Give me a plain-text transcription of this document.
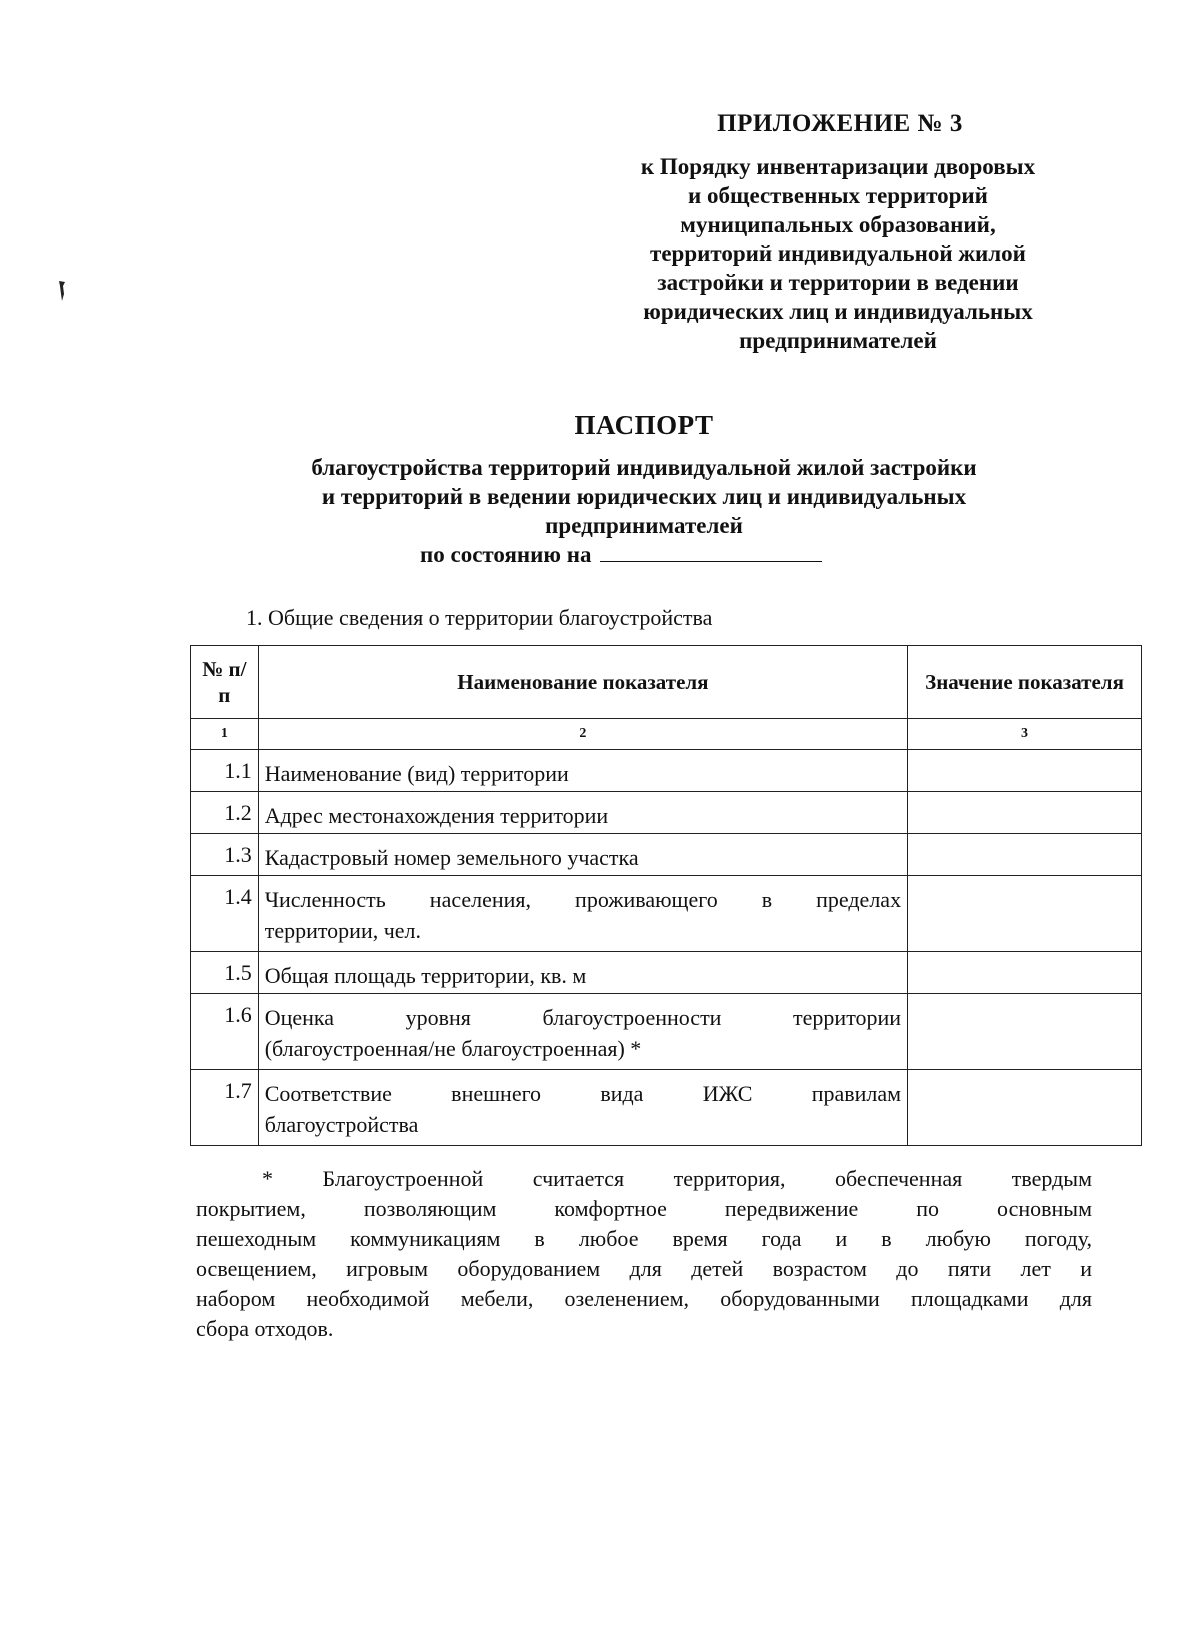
ПРИЛОЖЕНИЕ № 3
к Порядку инвентаризации дворовых
и общественных территорий
муниципальных образований,
территорий индивидуальной жилой
застройки и территории в ведении
юридических лиц и индивидуальных
предпринимателей
ПАСПОРТ
благоустройства территорий индивидуальной жилой застройки
и территорий в ведении юридических лиц и индивидуальных
предпринимателей
по состоянию на
1. Общие сведения о территории благоустройства
№ п/п	Наименование показателя	Значение показателя
1	2	3
1.1	Наименование (вид) территории	
1.2	Адрес местонахождения территории	
1.3	Кадастровый номер земельного участка	
1.4	Численность населения, проживающего в пределах
территории, чел.	
1.5	Общая площадь территории, кв. м	
1.6	Оценка уровня благоустроенности территории
(благоустроенная/не благоустроенная) *	
1.7	Соответствие внешнего вида ИЖС правилам
благоустройства	
* Благоустроенной считается территория, обеспеченная твердым
покрытием, позволяющим комфортное передвижение по основным
пешеходным коммуникациям в любое время года и в любую погоду,
освещением, игровым оборудованием для детей возрастом до пяти лет и
набором необходимой мебели, озеленением, оборудованными площадками для
сбора отходов.
